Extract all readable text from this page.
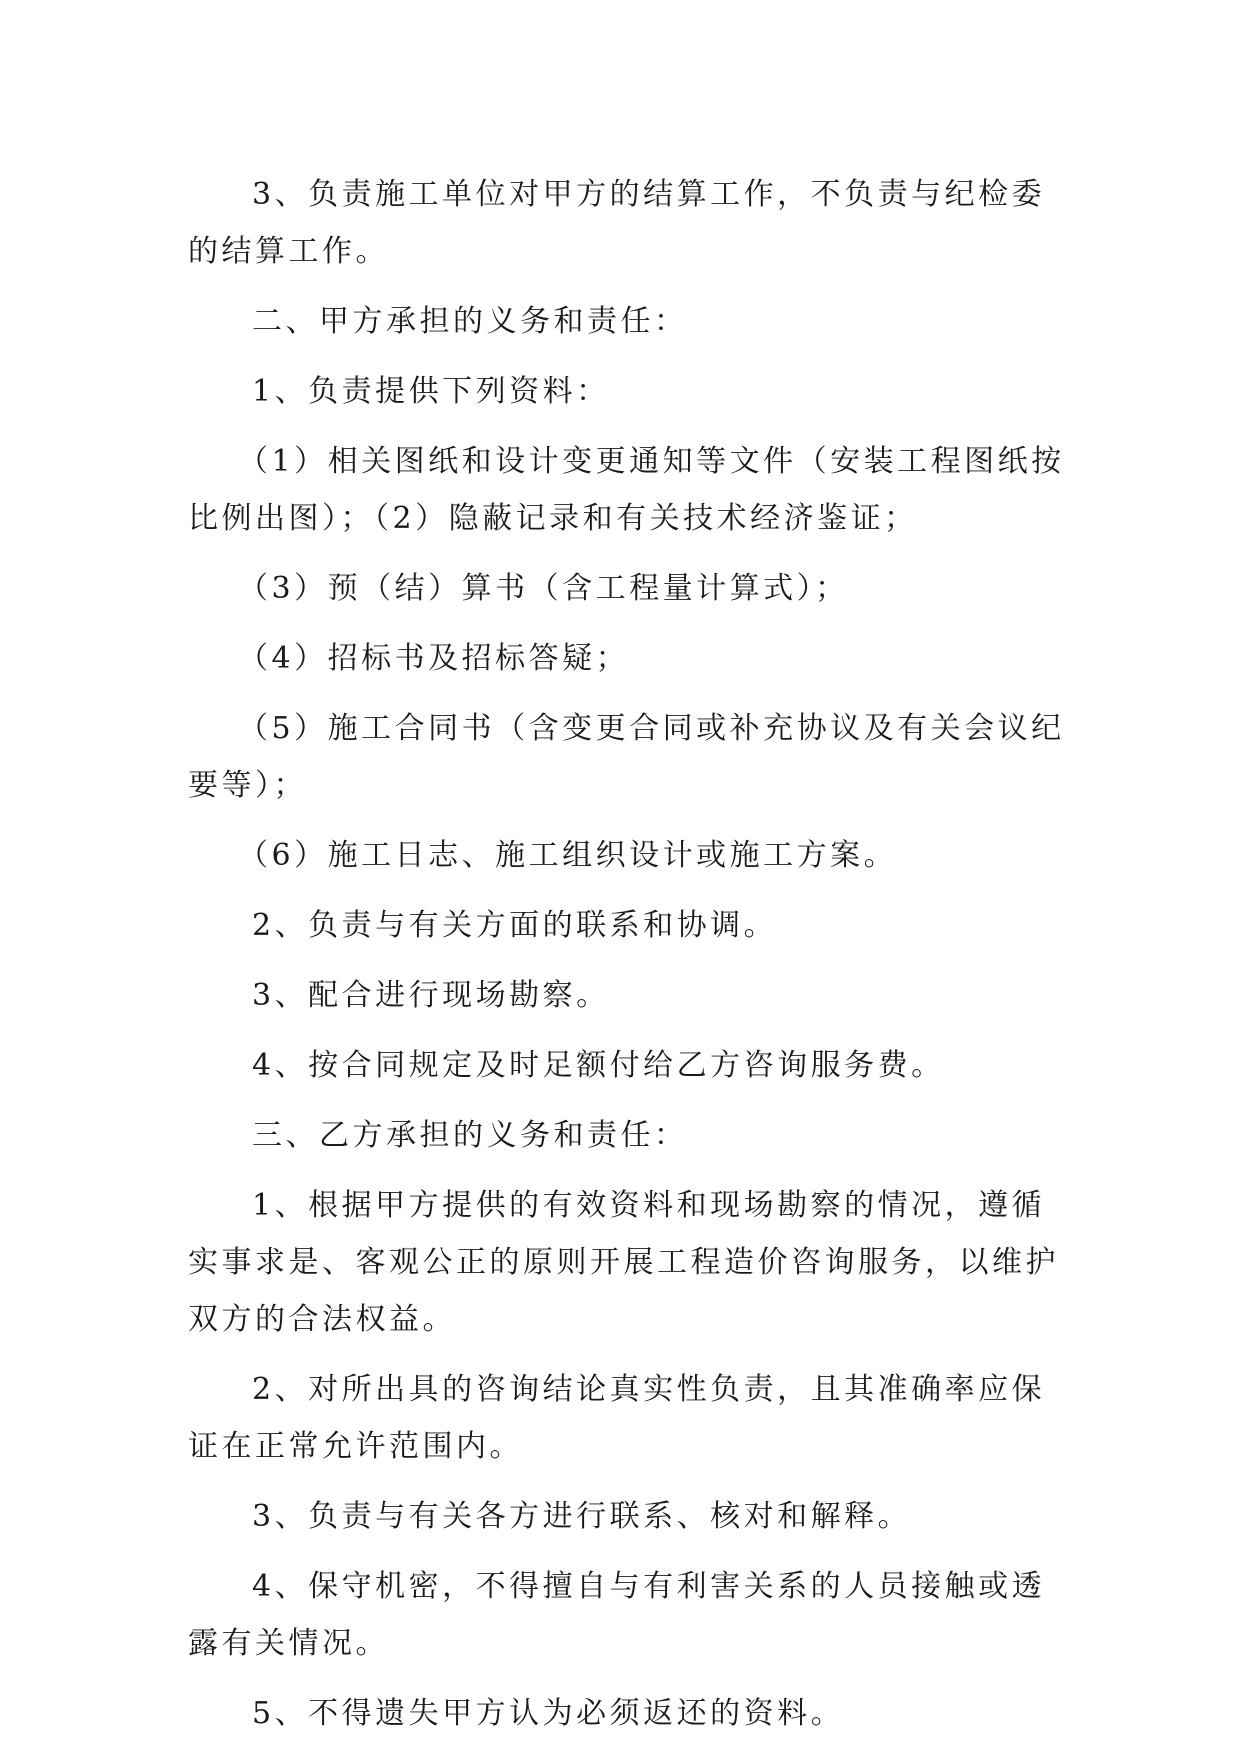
3、负责施工单位对甲方的结算工作，不负责与纪检委的结算工作。

二、甲方承担的义务和责任：

1、负责提供下列资料：

（1）相关图纸和设计变更通知等文件（安装工程图纸按比例出图）；（2）隐蔽记录和有关技术经济鉴证；

（3）预（结）算书（含工程量计算式）；

（4）招标书及招标答疑；

（5）施工合同书（含变更合同或补充协议及有关会议纪要等）；

（6）施工日志、施工组织设计或施工方案。

2、负责与有关方面的联系和协调。

3、配合进行现场勘察。

4、按合同规定及时足额付给乙方咨询服务费。

三、乙方承担的义务和责任：

1、根据甲方提供的有效资料和现场勘察的情况，遵循实事求是、客观公正的原则开展工程造价咨询服务，以维护双方的合法权益。

2、对所出具的咨询结论真实性负责，且其准确率应保证在正常允许范围内。

3、负责与有关各方进行联系、核对和解释。

4、保守机密，不得擅自与有利害关系的人员接触或透露有关情况。

5、不得遗失甲方认为必须返还的资料。
